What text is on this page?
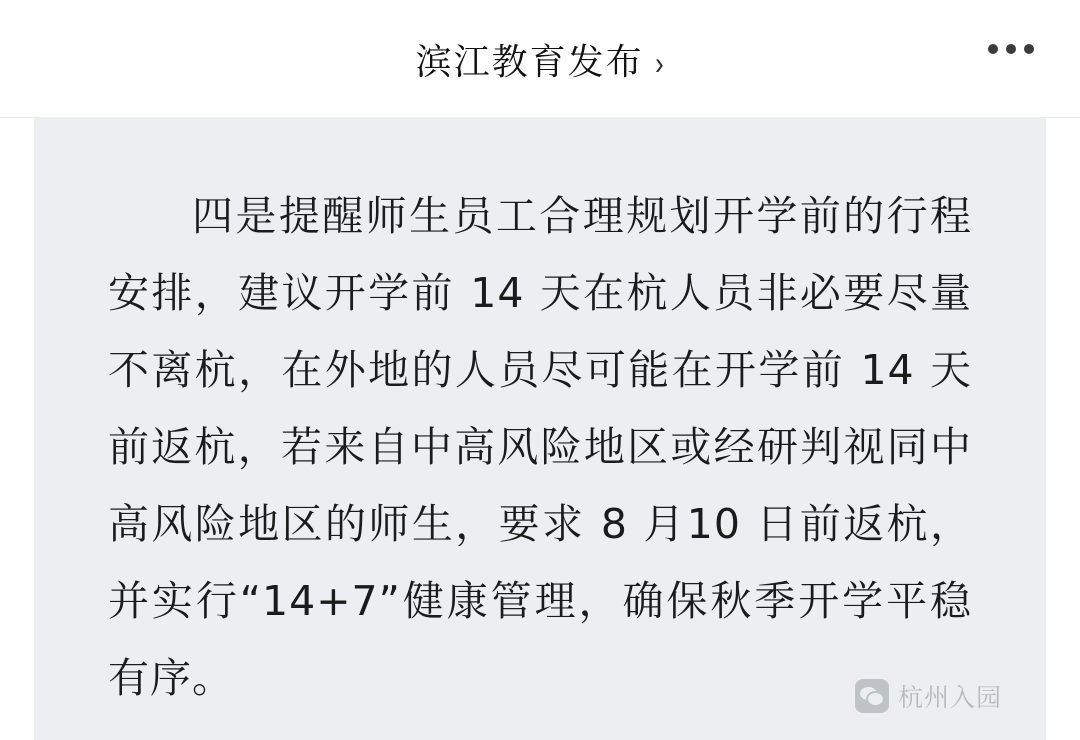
滨江教育发布 ›

四是提醒师生员工合理规划开学前的行程安排，建议开学前 14 天在杭人员非必要尽量不离杭，在外地的人员尽可能在开学前 14 天前返杭，若来自中高风险地区或经研判视同中高风险地区的师生，要求 8 月10 日前返杭，并实行“14+7”健康管理，确保秋季开学平稳有序。	杭州入园
